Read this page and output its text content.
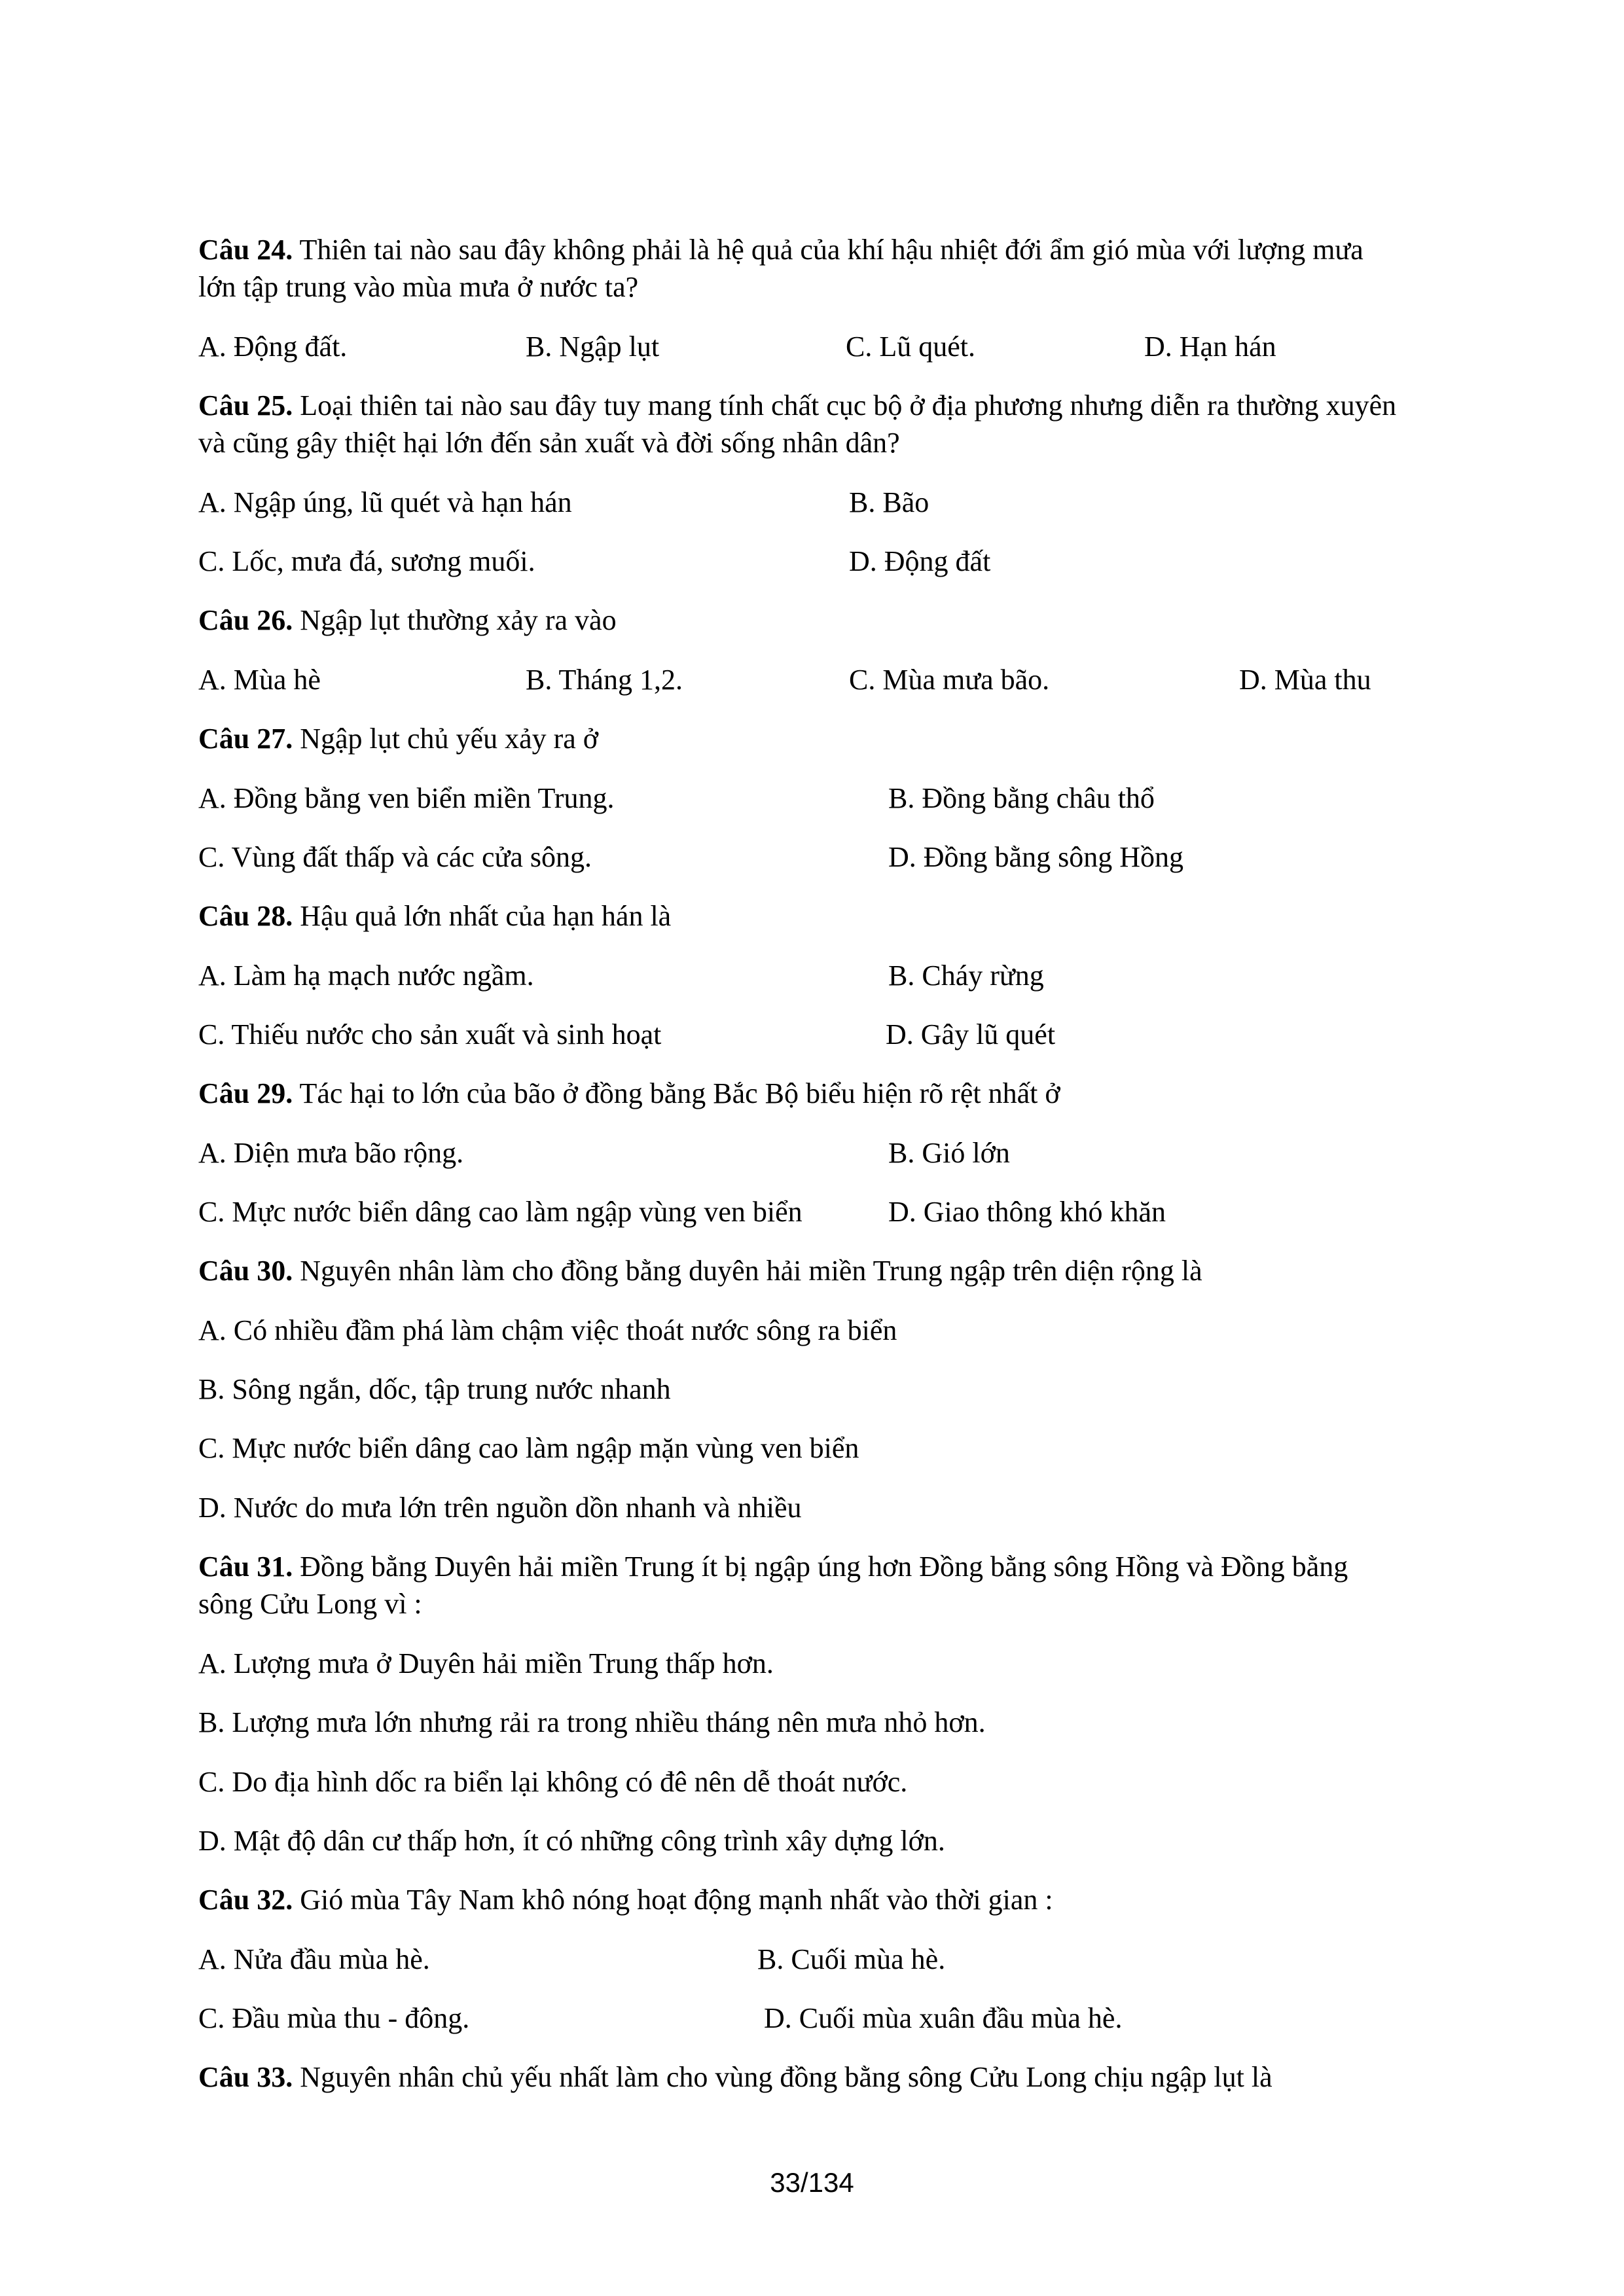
Câu 24. Thiên tai nào sau đây không phải là hệ quả của khí hậu nhiệt đới ẩm gió mùa với lượng mưa
lớn tập trung vào mùa mưa ở nước ta?
A. Động đất.	B. Ngập lụt	C. Lũ quét.	D. Hạn hán
Câu 25. Loại thiên tai nào sau đây tuy mang tính chất cục bộ ở địa phương nhưng diễn ra thường xuyên
và cũng gây thiệt hại lớn đến sản xuất và đời sống nhân dân?
A. Ngập úng, lũ quét và hạn hán	B. Bão
C. Lốc, mưa đá, sương muối.	D. Động đất
Câu 26. Ngập lụt thường xảy ra vào
A. Mùa hè	B. Tháng 1,2.	C. Mùa mưa bão.	D. Mùa thu
Câu 27. Ngập lụt chủ yếu xảy ra ở
A. Đồng bằng ven biển miền Trung.	B. Đồng bằng châu thổ
C. Vùng đất thấp và các cửa sông.	D. Đồng bằng sông Hồng
Câu 28. Hậu quả lớn nhất của hạn hán là
A. Làm hạ mạch nước ngầm.	B. Cháy rừng
C. Thiếu nước cho sản xuất và sinh hoạt	D. Gây lũ quét
Câu 29. Tác hại to lớn của bão ở đồng bằng Bắc Bộ biểu hiện rõ rệt nhất ở
A. Diện mưa bão rộng.	B. Gió lớn
C. Mực nước biển dâng cao làm ngập vùng ven biển	D. Giao thông khó khăn
Câu 30. Nguyên nhân làm cho đồng bằng duyên hải miền Trung ngập trên diện rộng là
A. Có nhiều đầm phá làm chậm việc thoát nước sông ra biển
B. Sông ngắn, dốc, tập trung nước nhanh
C. Mực nước biển dâng cao làm ngập mặn vùng ven biển
D. Nước do mưa lớn trên nguồn dồn nhanh và nhiều
Câu 31. Đồng bằng Duyên hải miền Trung ít bị ngập úng hơn Đồng bằng sông Hồng và Đồng bằng
sông Cửu Long vì :
A. Lượng mưa ở Duyên hải miền Trung thấp hơn.
B. Lượng mưa lớn nhưng rải ra trong nhiều tháng nên mưa nhỏ hơn.
C. Do địa hình dốc ra biển lại không có đê nên dễ thoát nước.
D. Mật độ dân cư thấp hơn, ít có những công trình xây dựng lớn.
Câu 32. Gió mùa Tây Nam khô nóng hoạt động mạnh nhất vào thời gian :
A. Nửa đầu mùa hè.	B. Cuối mùa hè.
C. Đầu mùa thu - đông.	D. Cuối mùa xuân đầu mùa hè.
Câu 33. Nguyên nhân chủ yếu nhất làm cho vùng đồng bằng sông Cửu Long chịu ngập lụt là
33/134
